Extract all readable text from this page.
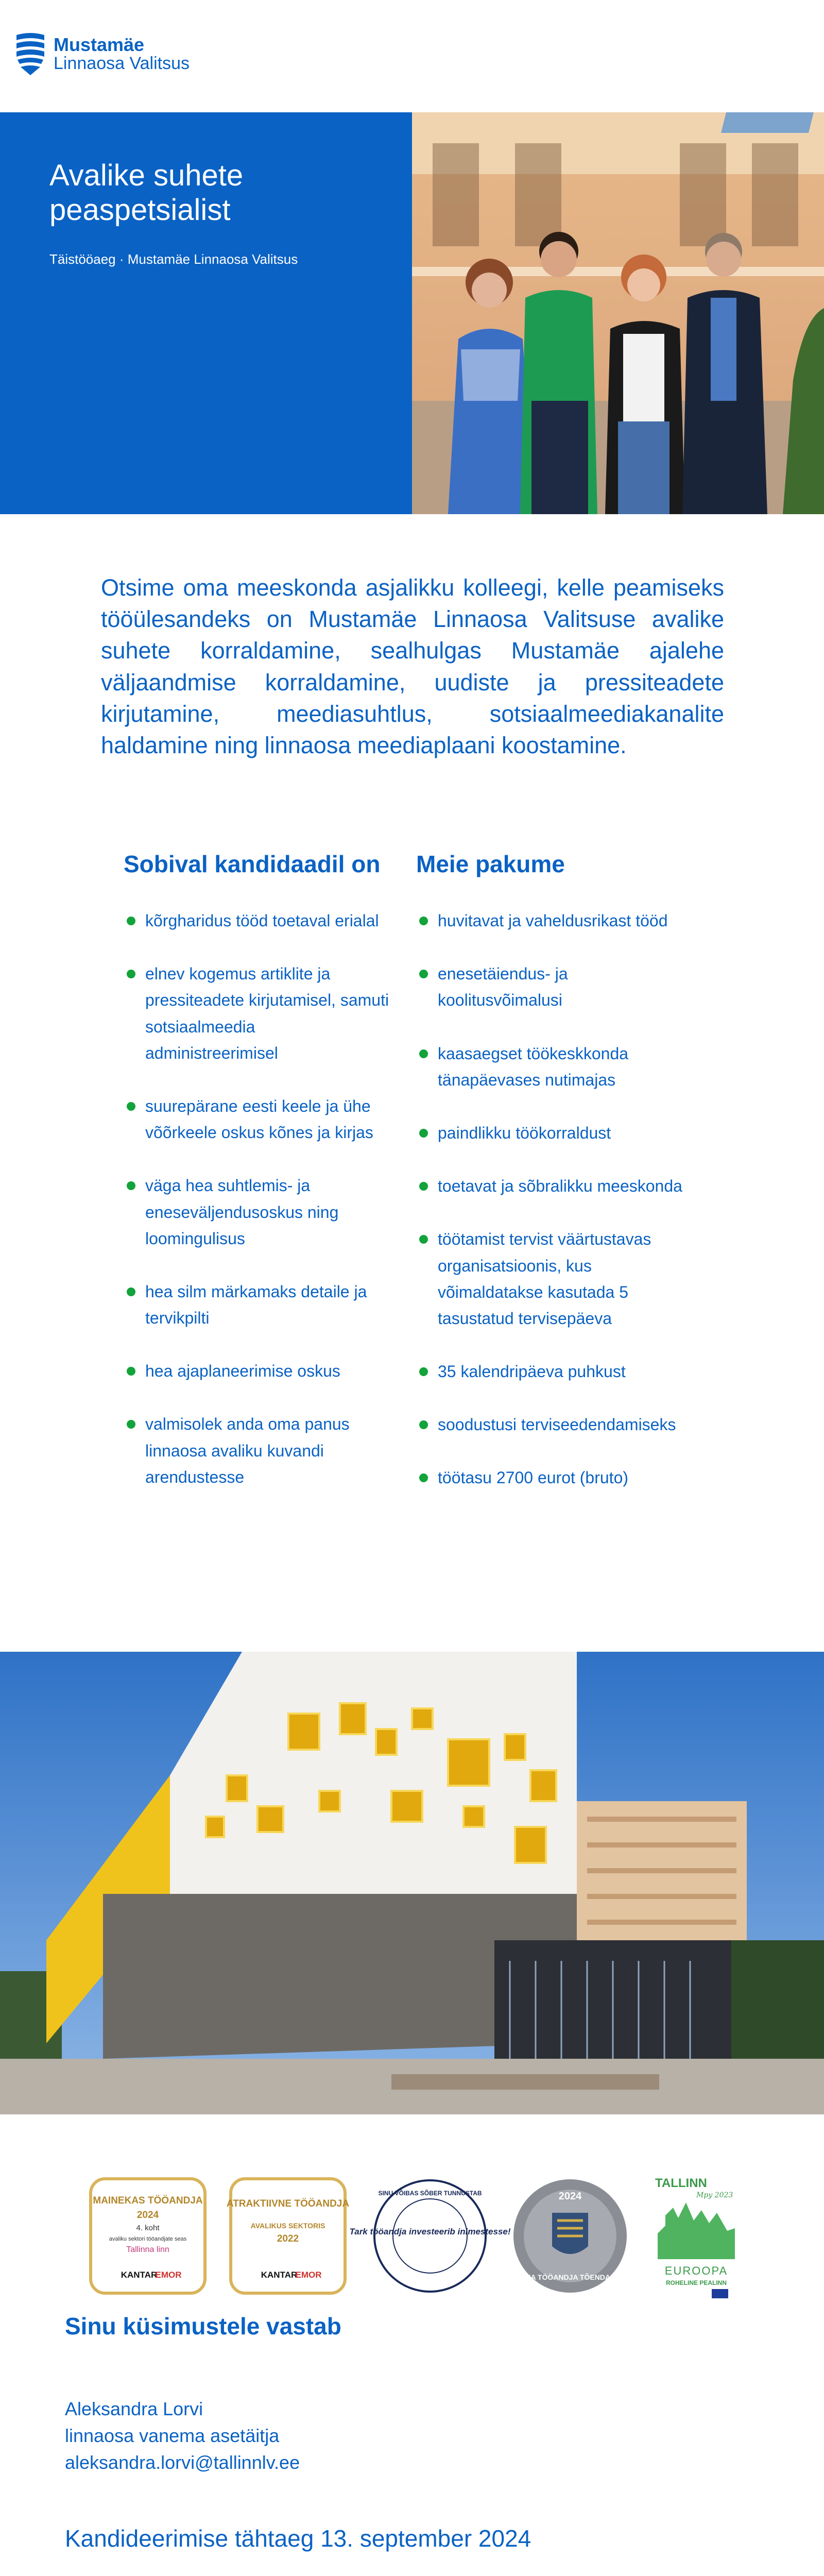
Mustamäe
Linnaosa Valitsus
Avalike suhete peaspetsialist
Täistööaeg · Mustamäe Linnaosa Valitsus

Otsime oma meeskonda asjalikku kolleegi, kelle peamiseks tööülesandeks on Mustamäe Linnaosa Valitsuse avalike suhete korraldamine, sealhulgas Mustamäe ajalehe väljaandmise korraldamine, uudiste ja pressiteadete kirjutamine, meediasuhtlus, sotsiaalmeediakanalite haldamine ning linnaosa meediaplaani koostamine.

Sobival kandidaadil on
kõrgharidus tööd toetaval erialal
elnev kogemus artiklite ja pressiteadete kirjutamisel, samuti sotsiaalmeedia administreerimisel
suurepärane eesti keele ja ühe võõrkeele oskus kõnes ja kirjas
väga hea suhtlemis- ja eneseväljendusoskus ning loomingulisus
hea silm märkamaks detaile ja tervikpilti
hea ajaplaneerimise oskus
valmisolek anda oma panus linnaosa avaliku kuvandi arendustesse
Meie pakume
huvitavat ja vaheldusrikast tööd
enesetäiendus- ja koolitusvõimalusi
kaasaegset töökeskkonda tänapäevases nutimajas
paindlikku töökorraldust
toetavat ja sõbralikku meeskonda
töötamist tervist väärtustavas organisatsioonis, kus võimaldatakse kasutada 5 tasustatud tervisepäeva
35 kalendripäeva puhkust
soodustusi terviseedendamiseks
töötasu 2700 eurot (bruto)
MAINEKAS TÖÖANDJA
2024
4. koht
avaliku sektori tööandjate seas
Tallinna linn
KANTAR
EMOR
ATRAKTIIVNE TÖÖANDJA
AVALIKUS SEKTORIS
2022
KANTAR
EMOR
SINU VÕIBAS SÕBER TUNNUSTAB
Tark tööandja investeerib inimestesse!
2024
HEA TÖÖANDJA TÕENDAJA
TALLINN
Mpy 2023
EUROOPA
ROHELINE PEALINN
Sinu küsimustele vastab
Aleksandra Lorvi
linnaosa vanema asetäitja
aleksandra.lorvi@tallinnlv.ee
Kandideerimise tähtaeg 13. september 2024
